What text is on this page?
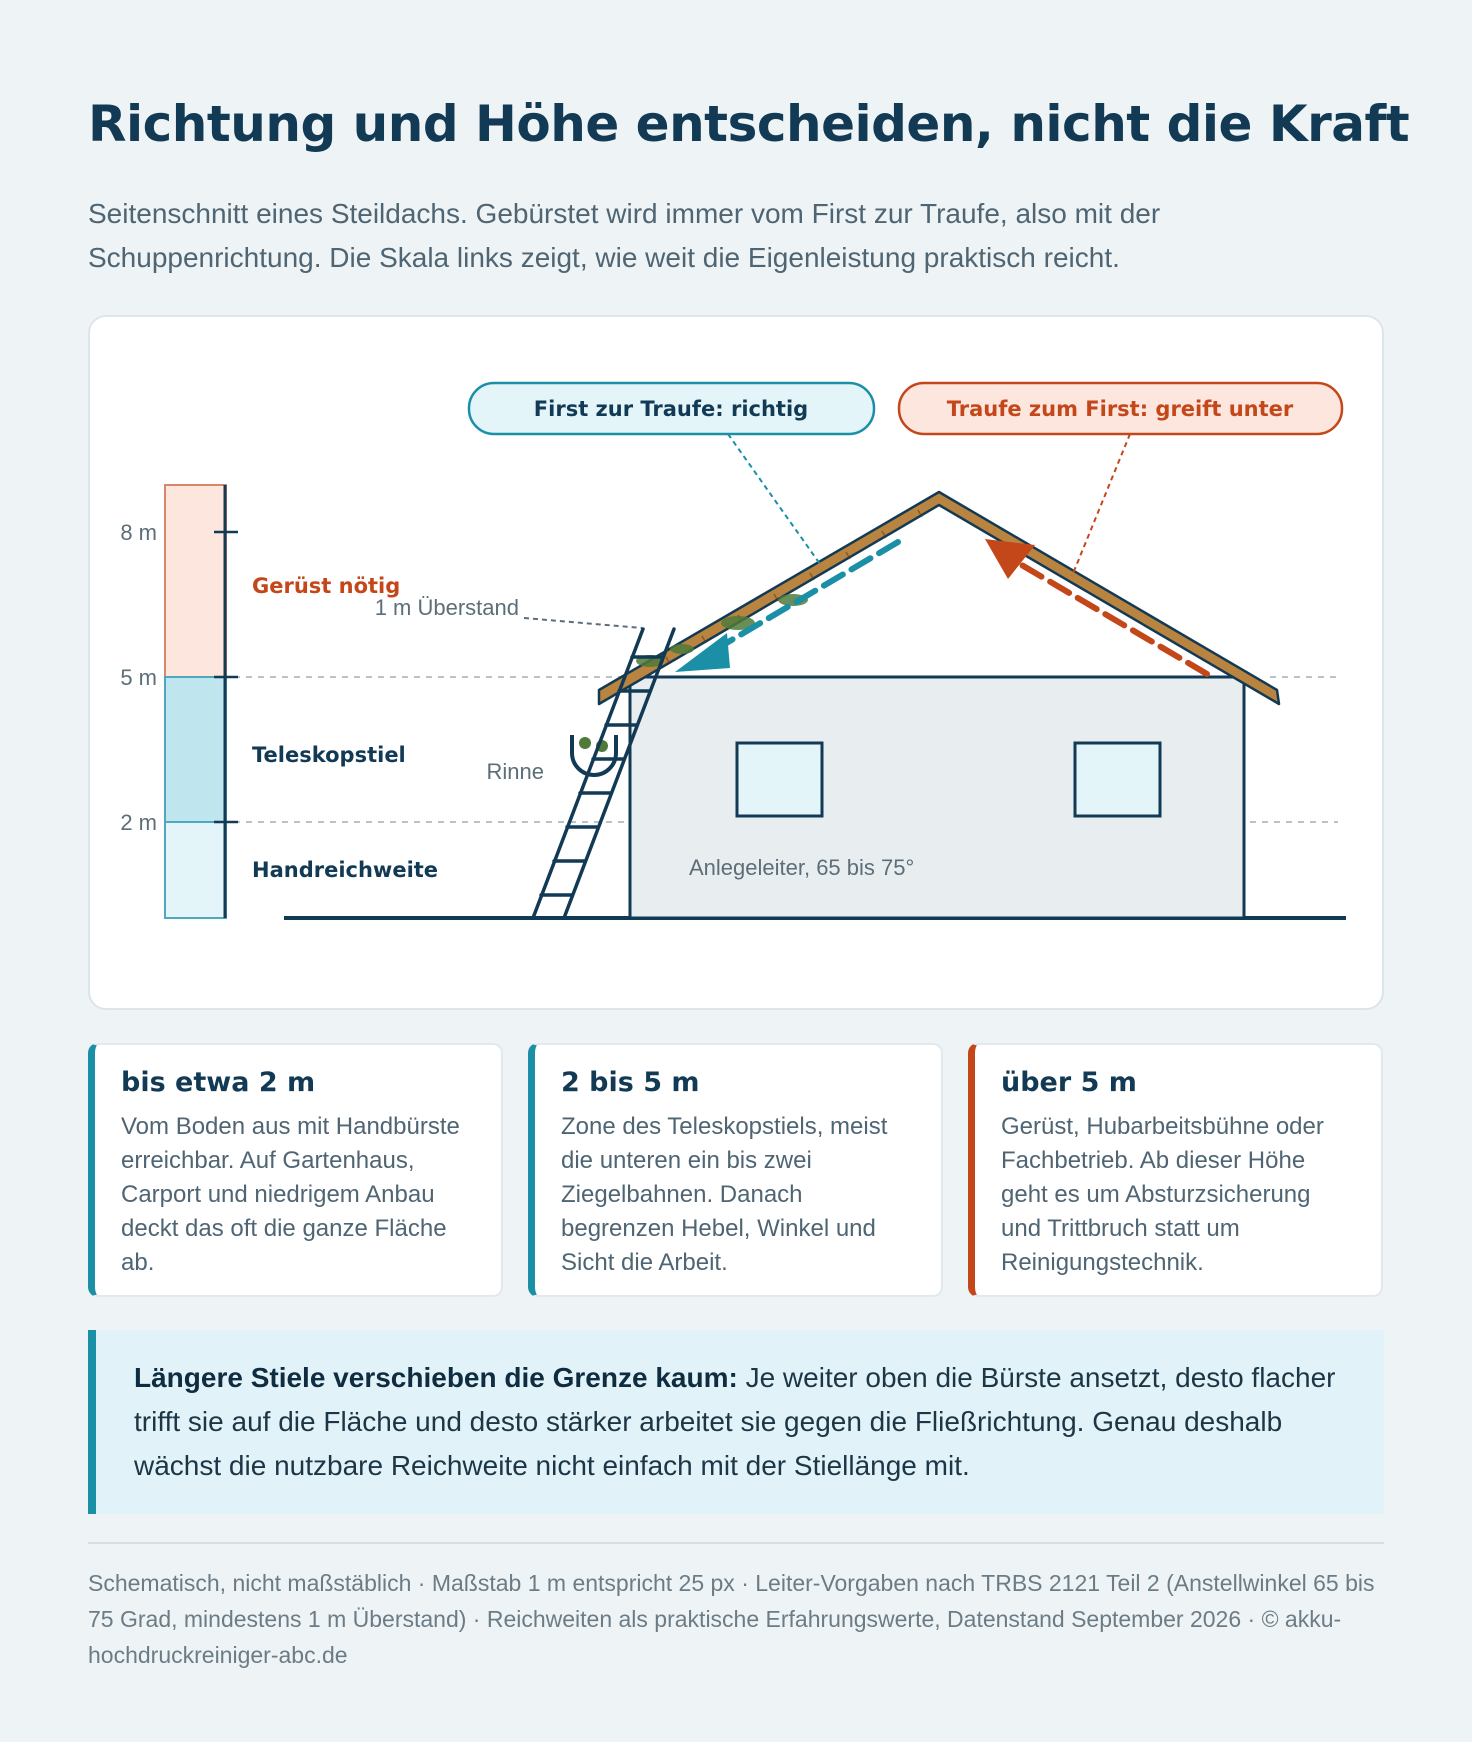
Richtung und Höhe entscheiden, nicht die Kraft

Seitenschnitt eines Steildachs. Gebürstet wird immer vom First zur Traufe, also mit der Schuppenrichtung. Die Skala links zeigt, wie weit die Eigenleistung praktisch reicht.

8 m
5 m
2 m
Gerüst nötig
Teleskopstiel
Handreichweite
First zur Traufe: richtig	Traufe zum First: greift unter
1 m Überstand
Rinne
Anlegeleiter, 65 bis 75°
bis etwa 2 m

Vom Boden aus mit Handbürste erreichbar. Auf Gartenhaus, Carport und niedrigem Anbau deckt das oft die ganze Fläche ab.

2 bis 5 m

Zone des Teleskopstiels, meist die unteren ein bis zwei Ziegelbahnen. Danach begrenzen Hebel, Winkel und Sicht die Arbeit.

über 5 m

Gerüst, Hubarbeitsbühne oder Fachbetrieb. Ab dieser Höhe geht es um Absturzsicherung und Trittbruch statt um Reinigungstechnik.

Längere Stiele verschieben die Grenze kaum: Je weiter oben die Bürste ansetzt, desto flacher trifft sie auf die Fläche und desto stärker arbeitet sie gegen die Fließrichtung. Genau deshalb wächst die nutzbare Reichweite nicht einfach mit der Stiellänge mit.

Schematisch, nicht maßstäblich · Maßstab 1 m entspricht 25 px · Leiter-Vorgaben nach TRBS 2121 Teil 2 (Anstellwinkel 65 bis 75 Grad, mindestens 1 m Überstand) · Reichweiten als praktische Erfahrungswerte, Datenstand September 2026 · © akku-hochdruckreiniger-abc.de
